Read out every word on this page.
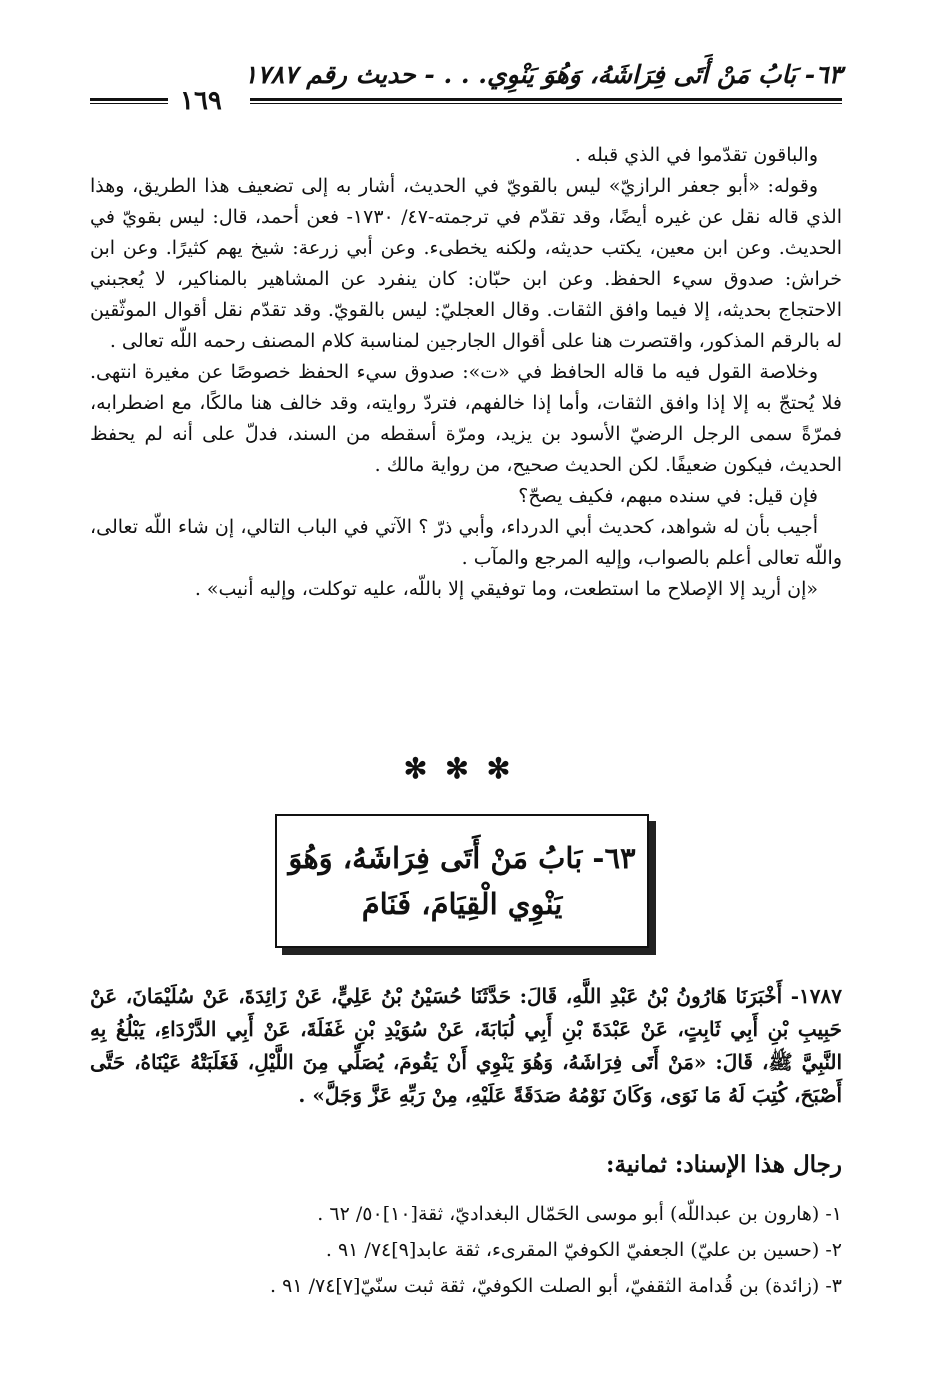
٦٣- بَابُ مَنْ أَتَى فِرَاشَهُ، وَهُوَ يَنْوِي. . . - حديث رقم ١٧٨٧
١٦٩

والباقون تقدّموا في الذي قبله .

وقوله: «أبو جعفر الرازيّ» ليس بالقويّ في الحديث، أشار به إلى تضعيف هذا الطريق، وهذا الذي قاله نقل عن غيره أيضًا، وقد تقدّم في ترجمته-٤٧/ ١٧٣٠- فعن أحمد، قال: ليس بقويّ في الحديث. وعن ابن معين، يكتب حديثه، ولكنه يخطىء. وعن أبي زرعة: شيخ يهم كثيرًا. وعن ابن خراش: صدوق سيء الحفظ. وعن ابن حبّان: كان ينفرد عن المشاهير بالمناكير، لا يُعجبني الاحتجاج بحديثه، إلا فيما وافق الثقات. وقال العجليّ: ليس بالقويّ. وقد تقدّم نقل أقوال الموثّقين له بالرقم المذكور، واقتصرت هنا على أقوال الجارجين لمناسبة كلام المصنف رحمه اللّه تعالى .

وخلاصة القول فيه ما قاله الحافظ في «ت»: صدوق سيء الحفظ خصوصًا عن مغيرة انتهى. فلا يُحتجّ به إلا إذا وافق الثقات، وأما إذا خالفهم، فتردّ روايته، وقد خالف هنا مالكًا، مع اضطرابه، فمرّةً سمى الرجل الرضيّ الأسود بن يزيد، ومرّة أسقطه من السند، فدلّ على أنه لم يحفظ الحديث، فيكون ضعيفًا. لكن الحديث صحيح، من رواية مالك .

فإن قيل: في سنده مبهم، فكيف يصحّ؟

أجيب بأن له شواهد، كحديث أبي الدرداء، وأبي ذرّ ؟ الآتي في الباب التالي، إن شاء اللّه تعالى، واللّه تعالى أعلم بالصواب، وإليه المرجع والمآب .

«إن أريد إلا الإصلاح ما استطعت، وما توفيقي إلا باللّه، عليه توكلت، وإليه أنيب» .

✻✻✻
٦٣- بَابُ مَنْ أَتَى فِرَاشَهُ، وَهُوَ
يَنْوِي الْقِيَامَ، فَنَامَ

١٧٨٧- أَخْبَرَنَا هَارُونُ بْنُ عَبْدِ اللَّهِ، قَالَ: حَدَّثَنَا حُسَيْنُ بْنُ عَلِيٍّ، عَنْ زَائِدَةَ، عَنْ سُلَيْمَانَ، عَنْ حَبِيبِ بْنِ أَبِي ثَابِتٍ، عَنْ عَبْدَةَ بْنِ أَبِي لُبَابَةَ، عَنْ سُوَيْدِ بْنِ غَفَلَةَ، عَنْ أَبِي الدَّرْدَاءِ، يَبْلُغُ بِهِ النَّبِيَّ ﷺ، قَالَ: «مَنْ أَتَى فِرَاشَهُ، وَهُوَ يَنْوِي أَنْ يَقُومَ، يُصَلِّي مِنَ اللَّيْلِ، فَغَلَبَتْهُ عَيْنَاهُ، حَتَّى أَصْبَحَ، كُتِبَ لَهُ مَا نَوَى، وَكَانَ نَوْمُهُ صَدَقَةً عَلَيْهِ، مِنْ رَبِّهِ عَزَّ وَجَلَّ» .

رجال هذا الإسناد: ثمانية:
١- (هارون بن عبداللّه) أبو موسى الحَمّال البغداديّ، ثقة[١٠]٥٠/ ٦٢ .
٢- (حسين بن عليّ) الجعفيّ الكوفيّ المقرىء، ثقة عابد[٩]٧٤/ ٩١ .
٣- (زائدة) بن قُدامة الثقفيّ، أبو الصلت الكوفيّ، ثقة ثبت سنّيّ[٧]٧٤/ ٩١ .
